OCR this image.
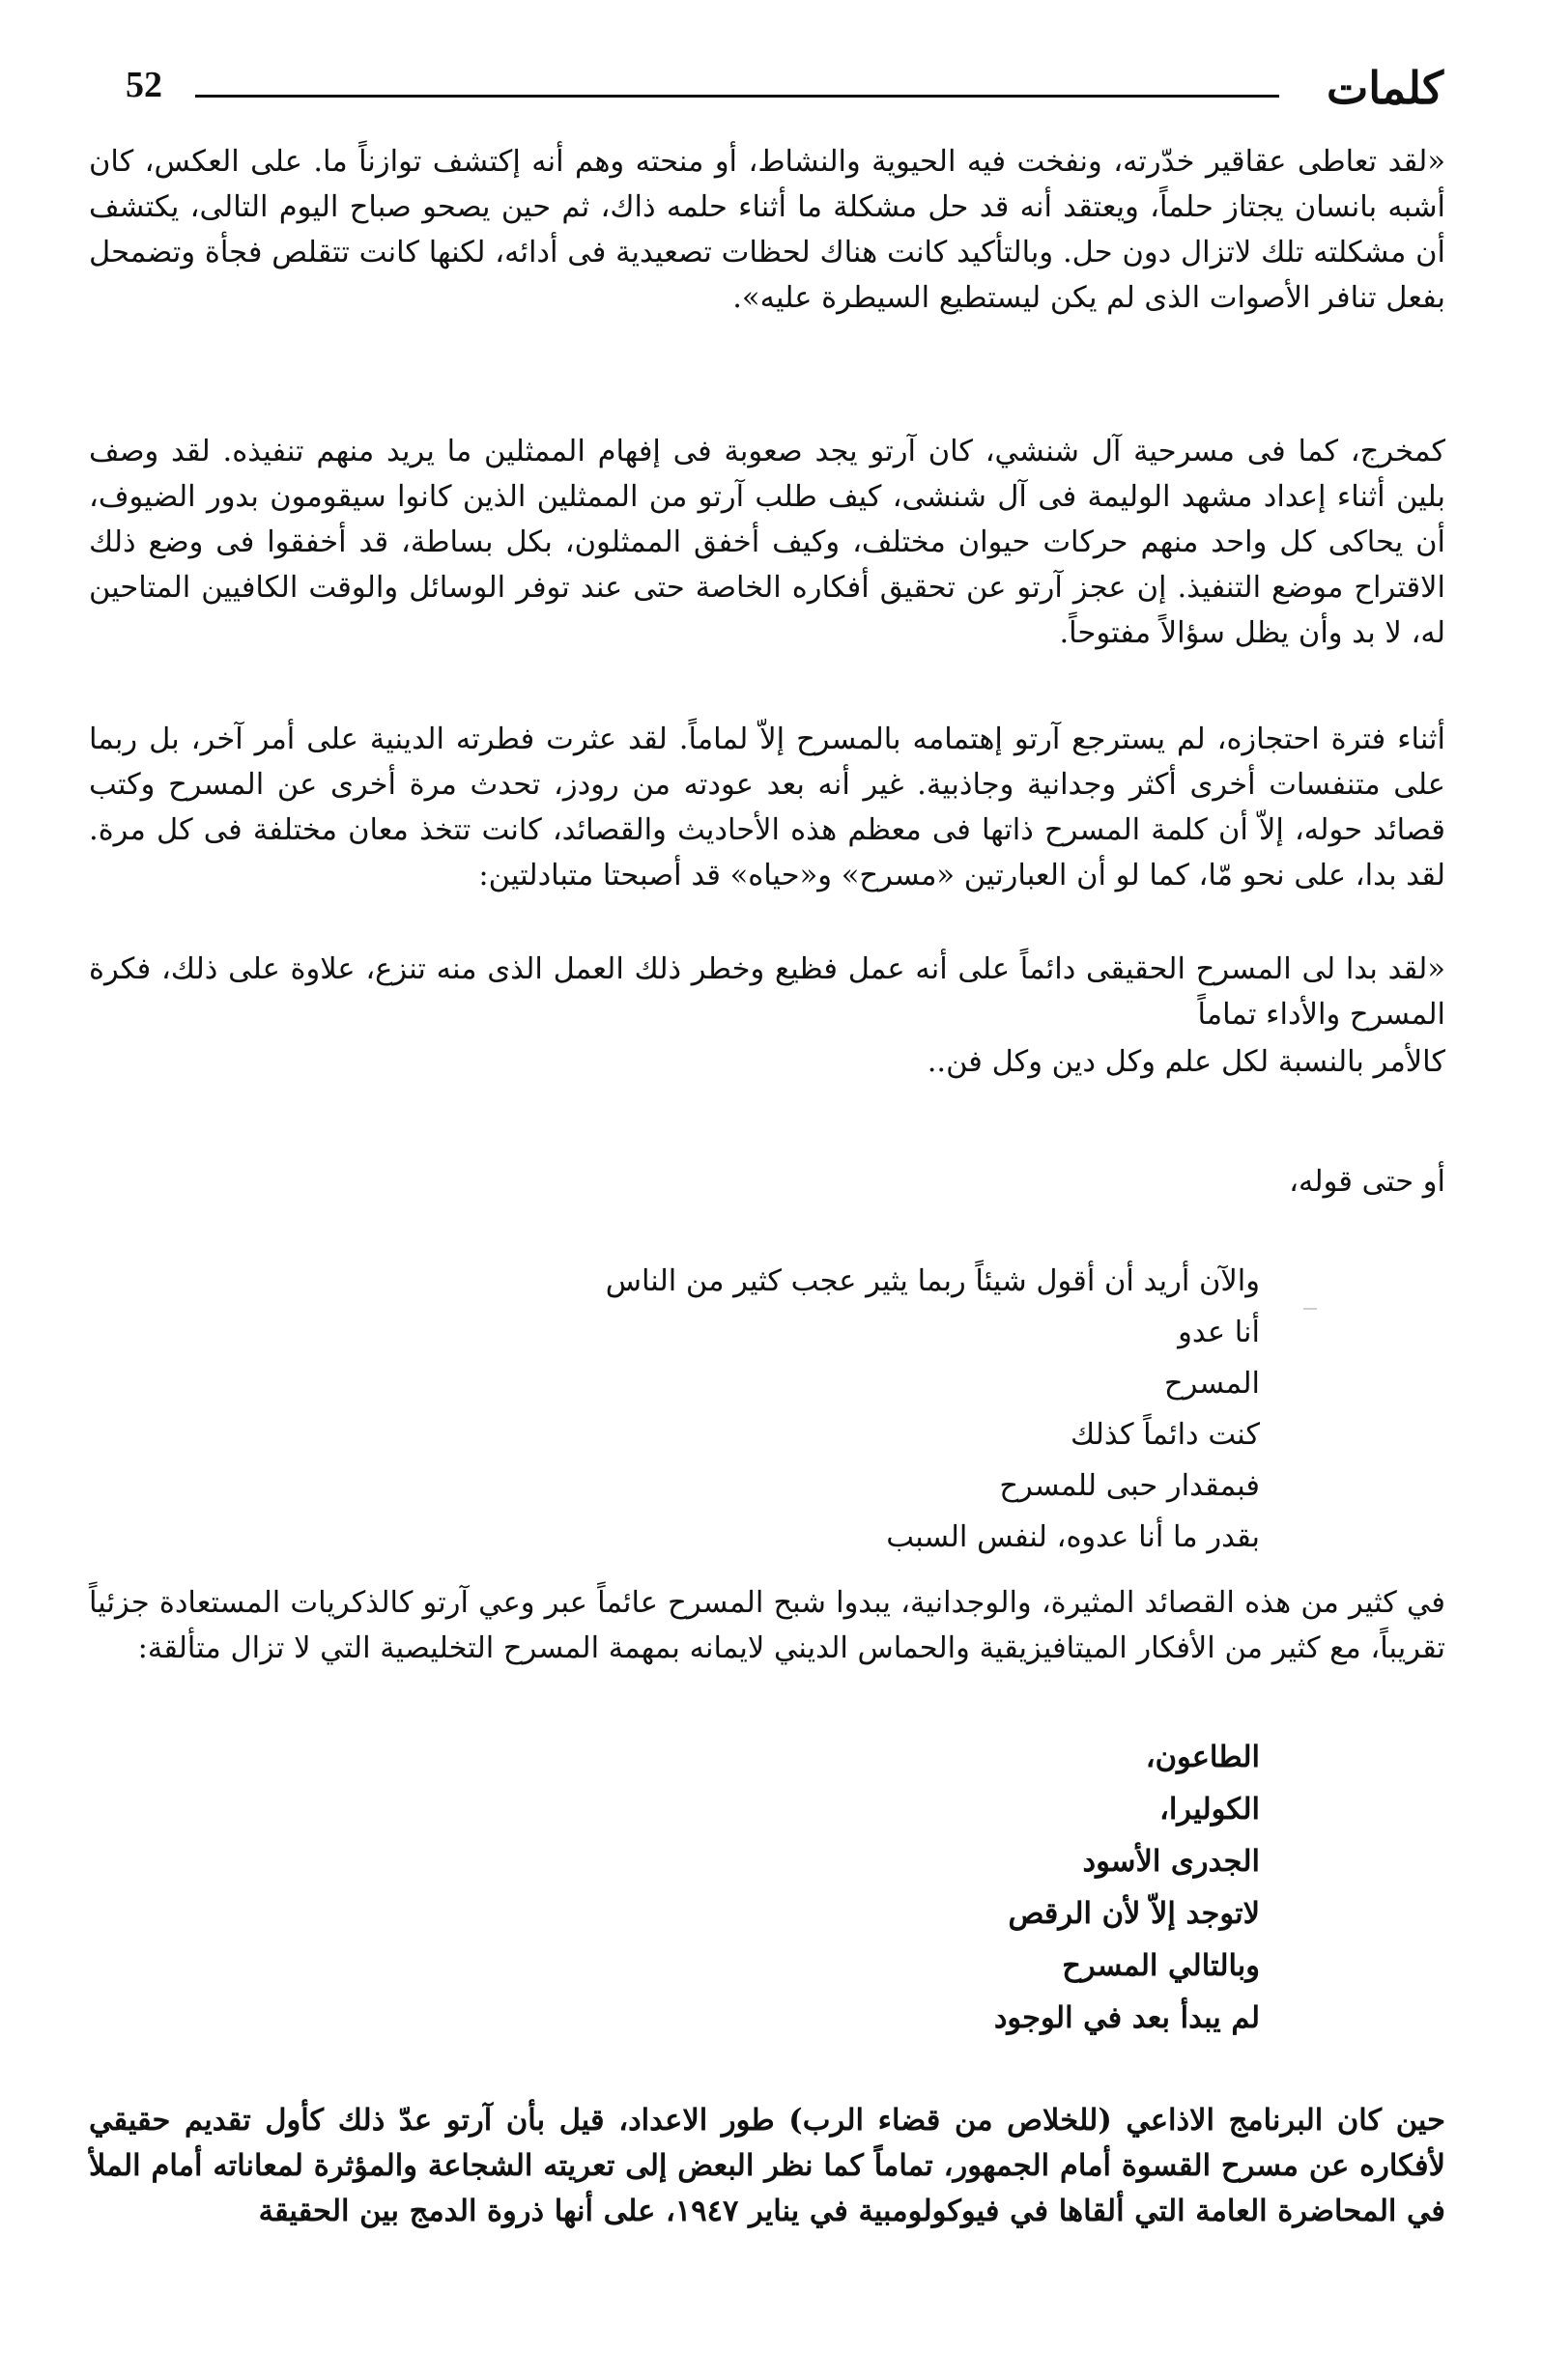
52	كلمات

«لقد تعاطى عقاقير خدّرته، ونفخت فيه الحيوية والنشاط، أو منحته وهم أنه إكتشف توازناً ما. على العكس، كان أشبه بانسان يجتاز حلماً، ويعتقد أنه قد حل مشكلة ما أثناء حلمه ذاك، ثم حين يصحو صباح اليوم التالى، يكتشف أن مشكلته تلك لاتزال دون حل. وبالتأكيد كانت هناك لحظات تصعيدية فى أدائه، لكنها كانت تتقلص فجأة وتضمحل بفعل تنافر الأصوات الذى لم يكن ليستطيع السيطرة عليه».

كمخرج، كما فى مسرحية آل شنشي، كان آرتو يجد صعوبة فى إفهام الممثلين ما يريد منهم تنفيذه. لقد وصف بلين أثناء إعداد مشهد الوليمة فى آل شنشى، كيف طلب آرتو من الممثلين الذين كانوا سيقومون بدور الضيوف، أن يحاكى كل واحد منهم حركات حيوان مختلف، وكيف أخفق الممثلون، بكل بساطة، قد أخفقوا فى وضع ذلك الاقتراح موضع التنفيذ. إن عجز آرتو عن تحقيق أفكاره الخاصة حتى عند توفر الوسائل والوقت الكافيين المتاحين له، لا بد وأن يظل سؤالاً مفتوحاً.

أثناء فترة احتجازه، لم يسترجع آرتو إهتمامه بالمسرح إلاّ لماماً. لقد عثرت فطرته الدينية على أمر آخر، بل ربما على متنفسات أخرى أكثر وجدانية وجاذبية. غير أنه بعد عودته من رودز، تحدث مرة أخرى عن المسرح وكتب قصائد حوله، إلاّ أن كلمة المسرح ذاتها فى معظم هذه الأحاديث والقصائد، كانت تتخذ معان مختلفة فى كل مرة. لقد بدا، على نحو مّا، كما لو أن العبارتين «مسرح» و«حياه» قد أصبحتا متبادلتين:

«لقد بدا لى المسرح الحقيقى دائماً على أنه عمل فظيع وخطر ذلك العمل الذى منه تنزع، علاوة على ذلك، فكرة المسرح والأداء تماماً

كالأمر بالنسبة لكل علم وكل دين وكل فن..
أو حتى قوله،
والآن أريد أن أقول شيئاً ربما يثير عجب كثير من الناس
أنا عدو
المسرح
كنت دائماً كذلك
فبمقدار حبى للمسرح
بقدر ما أنا عدوه، لنفس السبب

في كثير من هذه القصائد المثيرة، والوجدانية، يبدوا شبح المسرح عائماً عبر وعي آرتو كالذكريات المستعادة جزئياً تقريباً، مع كثير من الأفكار الميتافيزيقية والحماس الديني لايمانه بمهمة المسرح التخليصية التي لا تزال متألقة:

الطاعون،
الكوليرا،
الجدرى الأسود
لاتوجد إلاّ لأن الرقص
وبالتالي المسرح
لم يبدأ بعد في الوجود

حين كان البرنامج الاذاعي (للخلاص من قضاء الرب) طور الاعداد، قيل بأن آرتو عدّ ذلك كأول تقديم حقيقي لأفكاره عن مسرح القسوة أمام الجمهور، تماماً كما نظر البعض إلى تعريته الشجاعة والمؤثرة لمعاناته أمام الملأ في المحاضرة العامة التي ألقاها في فيوكولومبية في يناير ١٩٤٧، على أنها ذروة الدمج بين الحقيقة
